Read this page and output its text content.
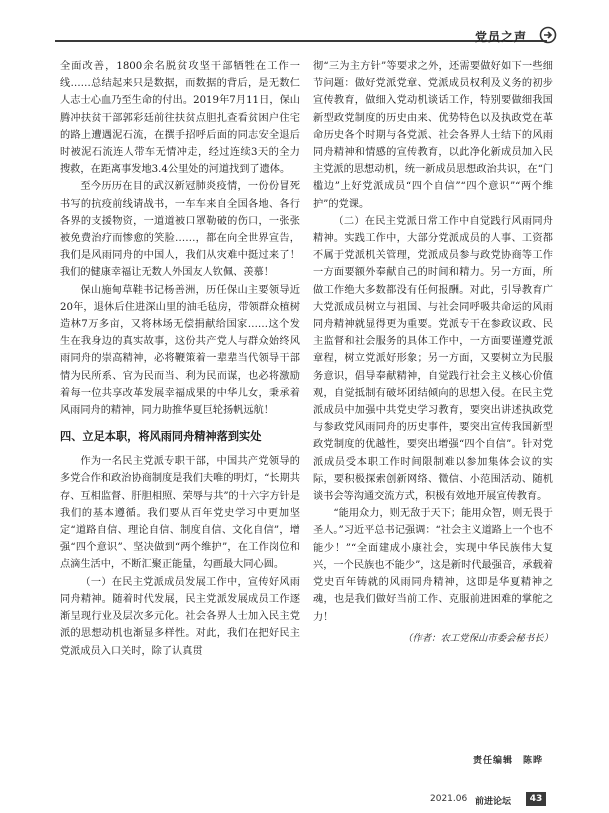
党员之声

全面改善，1800余名脱贫攻坚干部牺牲在工作一线……总结起来只是数据，而数据的背后，是无数仁人志士心血乃至生命的付出。2019年7月11日，保山腾冲扶贫干部郭彩廷前往扶贫点胆扎查看贫困户住宅的路上遭遇泥石流，在撰手招呼后面的同志安全退后时被泥石流连人带车无情冲走，经过连续3天的全力搜救，在距离事发地3.4公里处的河道找到了遗体。

至今历历在目的武汉新冠肺炎疫情，一份份冒死书写的抗疫前线请战书，一车车来自全国各地、各行各界的支援物资，一道道被口罩勒破的伤口，一张张被免费治疗而惨愈的笑脸……，都在向全世界宣告，我们是风雨同舟的中国人，我们从灾难中挺过来了！我们的健康幸福让无数人外国友人钦佩、羡慕！

保山施甸草鞋书记杨善洲，历任保山主要领导近20年，退休后住进深山里的油毛毡房，带领群众植树造林7万多亩，又将林场无偿捐献给国家……这个发生在我身边的真实故事，这份共产党人与群众始终风雨同舟的崇高精神，必将鞭策着一辈辈当代领导干部情为民所系、官为民而当、利为民而谋，也必将激励着每一位共享改革发展幸福成果的中华儿女，秉承着风雨同舟的精神，同力助推华夏巨轮扬帆远航！

四、立足本职，将风雨同舟精神落到实处

作为一名民主党派专职干部，中国共产党领导的多党合作和政治协商制度是我们夫唯的明灯，“长期共存、互相监督、肝胆相照、荣辱与共”的十六字方针是我们的基本遵循。我们要从百年党史学习中更加坚定“道路自信、理论自信、制度自信、文化自信”，增强“四个意识”、坚决做到“两个维护”，在工作岗位和点滴生活中，不断汇聚正能量，勾画最大同心圆。

（一）在民主党派成员发展工作中，宣传好风雨同舟精神。随着时代发展，民主党派发展成员工作逐渐呈现行业及层次多元化。社会各界人士加入民主党派的思想动机也渐显多样性。对此，我们在把好民主党派成员入口关时，除了认真贯

彻“三为主方针”等要求之外，还需要做好如下一些细节问题：做好党派党章、党派成员权利及义务的初步宣传教育，做细入党动机谈话工作，特别要做细我国新型政党制度的历史由来、优势特色以及执政党在革命历史各个时期与各党派、社会各界人士结下的风雨同舟精神和情感的宣传教育，以此净化新成员加入民主党派的思想动机，统一新成员思想政治共识，在“门槛边”上好党派成员“四个自信”“四个意识”“两个维护”的党课。

（二）在民主党派日常工作中自觉践行风雨同舟精神。实践工作中，大部分党派成员的人事、工资都不属于党派机关管理，党派成员参与政党协商等工作一方面要额外奉献自己的时间和精力。另一方面，所做工作绝大多数都没有任何报酬。对此，引导教育广大党派成员树立与祖国、与社会同呼吸共命运的风雨同舟精神就显得更为重要。党派专干在参政议政、民主监督和社会服务的具体工作中，一方面要谨遵党派章程，树立党派好形象；另一方面，又要树立为民服务意识，倡导奉献精神，自觉践行社会主义核心价值观，自觉抵制有破坏团结倾向的思想入侵。在民主党派成员中加强中共党史学习教育，要突出讲述执政党与参政党风雨同舟的历史事件，要突出宣传我国新型政党制度的优越性，要突出增强“四个自信”。针对党派成员受本职工作时间限制难以参加集体会议的实际，要积极探索创新网络、微信、小范围活动、随机谈书会等沟通交流方式，积极有效地开展宣传教育。

“能用众力，则无敌于天下；能用众智，则无畏于圣人。”习近平总书记强调：“社会主义道路上一个也不能少！”“全面建成小康社会，实现中华民族伟大复兴，一个民族也不能少”，这是新时代最强音，承载着党史百年铸就的风雨同舟精神，这即是华夏精神之魂，也是我们做好当前工作、克服前进困难的掌舵之力！

（作者：农工党保山市委会秘书长）

责任编辑　陈晔
2021.06 前进论坛	43
